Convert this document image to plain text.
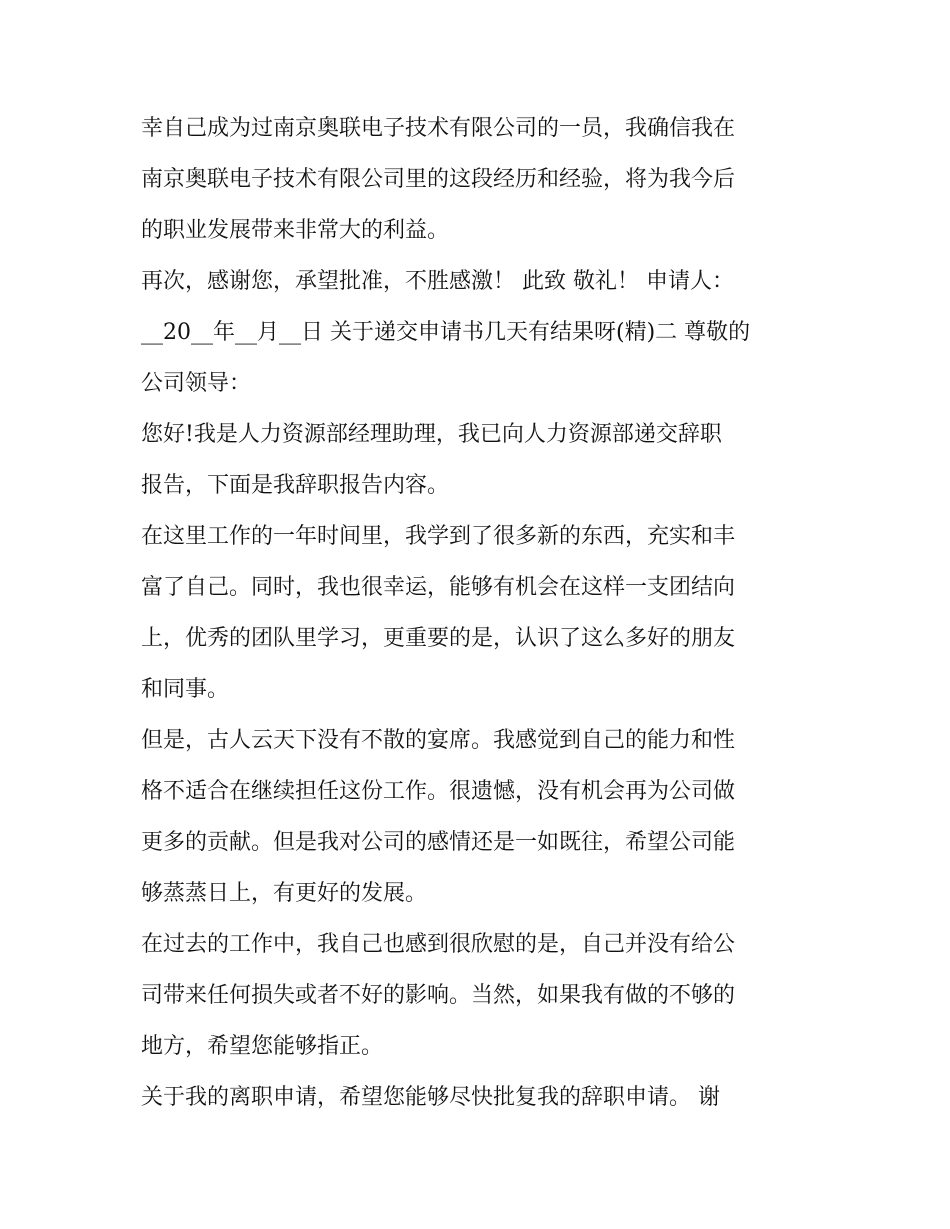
幸自己成为过南京奥联电子技术有限公司的一员，我确信我在
南京奥联电子技术有限公司里的这段经历和经验，将为我今后
的职业发展带来非常大的利益。
再次，感谢您，承望批准，不胜感激！ 此致 敬礼！ 申请人：
__20__年__月__日 关于递交申请书几天有结果呀(精)二 尊敬的
公司领导：
您好!我是人力资源部经理助理，我已向人力资源部递交辞职
报告，下面是我辞职报告内容。
在这里工作的一年时间里，我学到了很多新的东西，充实和丰
富了自己。同时，我也很幸运，能够有机会在这样一支团结向
上，优秀的团队里学习，更重要的是，认识了这么多好的朋友
和同事。
但是，古人云天下没有不散的宴席。我感觉到自己的能力和性
格不适合在继续担任这份工作。很遗憾，没有机会再为公司做
更多的贡献。但是我对公司的感情还是一如既往，希望公司能
够蒸蒸日上，有更好的发展。
在过去的工作中，我自己也感到很欣慰的是，自己并没有给公
司带来任何损失或者不好的影响。当然，如果我有做的不够的
地方，希望您能够指正。
关于我的离职申请，希望您能够尽快批复我的辞职申请。 谢
